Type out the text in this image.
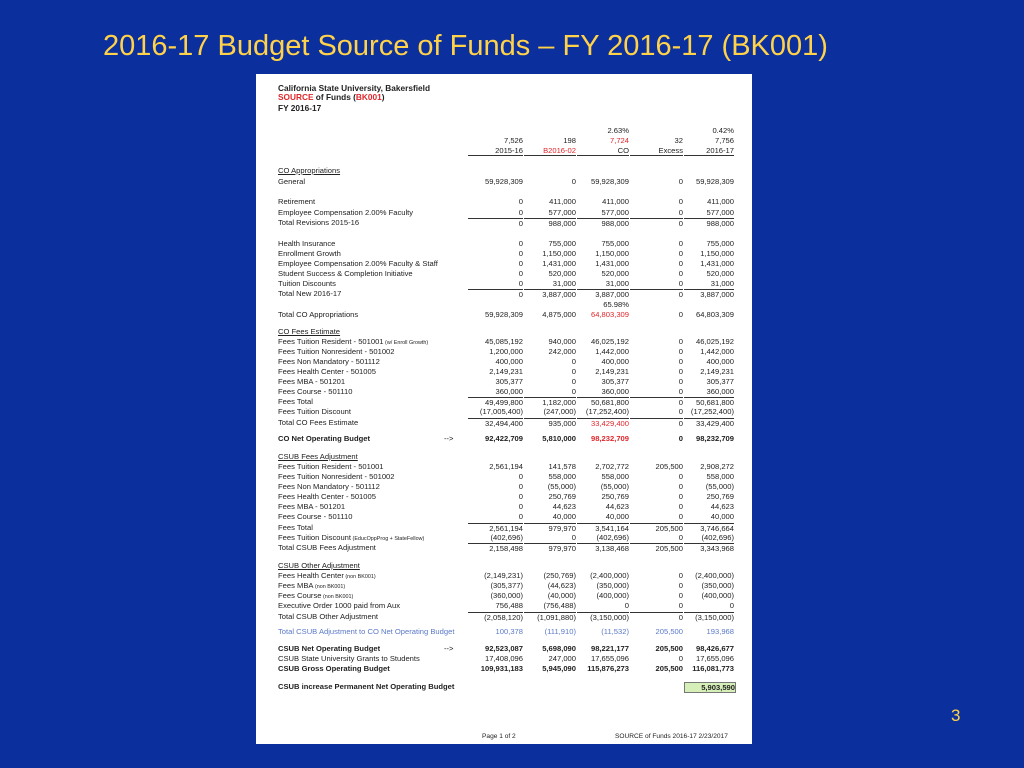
2016-17 Budget Source of Funds – FY 2016-17 (BK001)
California State University, Bakersfield
SOURCE of Funds (BK001)
FY 2016-17
2.63%	0.42%
7,526	198	7,724	32	7,756
2015-16	B2016-02	CO	Excess	2016-17
CO Appropriations
General	59,928,309	0	59,928,309	0	59,928,309
Retirement	0	411,000	411,000	0	411,000
Employee Compensation 2.00% Faculty	0	577,000	577,000	0	577,000
Total Revisions 2015-16	0	988,000	988,000	0	988,000
Health Insurance	0	755,000	755,000	0	755,000
Enrollment Growth	0	1,150,000	1,150,000	0	1,150,000
Employee Compensation 2.00% Faculty & Staff	0	1,431,000	1,431,000	0	1,431,000
Student Success & Completion Initiative	0	520,000	520,000	0	520,000
Tuition Discounts	0	31,000	31,000	0	31,000
Total New 2016-17	0	3,887,000	3,887,000	0	3,887,000
65.98%
Total CO Appropriations	59,928,309	4,875,000	64,803,309	0	64,803,309
CO Fees Estimate
Fees Tuition Resident - 501001 (w/ Enroll Growth)	45,085,192	940,000	46,025,192	0	46,025,192
Fees Tuition Nonresident - 501002	1,200,000	242,000	1,442,000	0	1,442,000
Fees Non Mandatory - 501112	400,000	0	400,000	0	400,000
Fees Health Center - 501005	2,149,231	0	2,149,231	0	2,149,231
Fees MBA - 501201	305,377	0	305,377	0	305,377
Fees Course - 501110	360,000	0	360,000	0	360,000
Fees Total	49,499,800	1,182,000	50,681,800	0	50,681,800
Fees Tuition Discount	(17,005,400)	(247,000)	(17,252,400)	0	(17,252,400)
Total CO Fees Estimate	32,494,400	935,000	33,429,400	0	33,429,400
CO Net Operating Budget	-->	92,422,709	5,810,000	98,232,709	0	98,232,709
CSUB Fees Adjustment
Fees Tuition Resident - 501001	2,561,194	141,578	2,702,772	205,500	2,908,272
Fees Tuition Nonresident - 501002	0	558,000	558,000	0	558,000
Fees Non Mandatory - 501112	0	(55,000)	(55,000)	0	(55,000)
Fees Health Center - 501005	0	250,769	250,769	0	250,769
Fees MBA - 501201	0	44,623	44,623	0	44,623
Fees Course - 501110	0	40,000	40,000	0	40,000
Fees Total	2,561,194	979,970	3,541,164	205,500	3,746,664
Fees Tuition Discount (EducOppProg + StateFellow)	(402,696)	0	(402,696)	0	(402,696)
Total CSUB Fees Adjustment	2,158,498	979,970	3,138,468	205,500	3,343,968
CSUB Other Adjustment
Fees Health Center (non BK001)	(2,149,231)	(250,769)	(2,400,000)	0	(2,400,000)
Fees MBA (non BK001)	(305,377)	(44,623)	(350,000)	0	(350,000)
Fees Course (non BK001)	(360,000)	(40,000)	(400,000)	0	(400,000)
Executive Order 1000 paid from Aux	756,488	(756,488)	0	0	0
Total CSUB Other Adjustment	(2,058,120)	(1,091,880)	(3,150,000)	0	(3,150,000)
Total CSUB Adjustment to CO Net Operating Budget	100,378	(111,910)	(11,532)	205,500	193,968
CSUB Net Operating Budget	-->	92,523,087	5,698,090	98,221,177	205,500	98,426,677
CSUB State University Grants to Students	17,408,096	247,000	17,655,096	0	17,655,096
CSUB Gross Operating Budget	109,931,183	5,945,090	115,876,273	205,500	116,081,773
CSUB increase Permanent Net Operating Budget	5,903,590
Page 1 of 2	SOURCE of Funds 2016-17 2/23/2017
3
